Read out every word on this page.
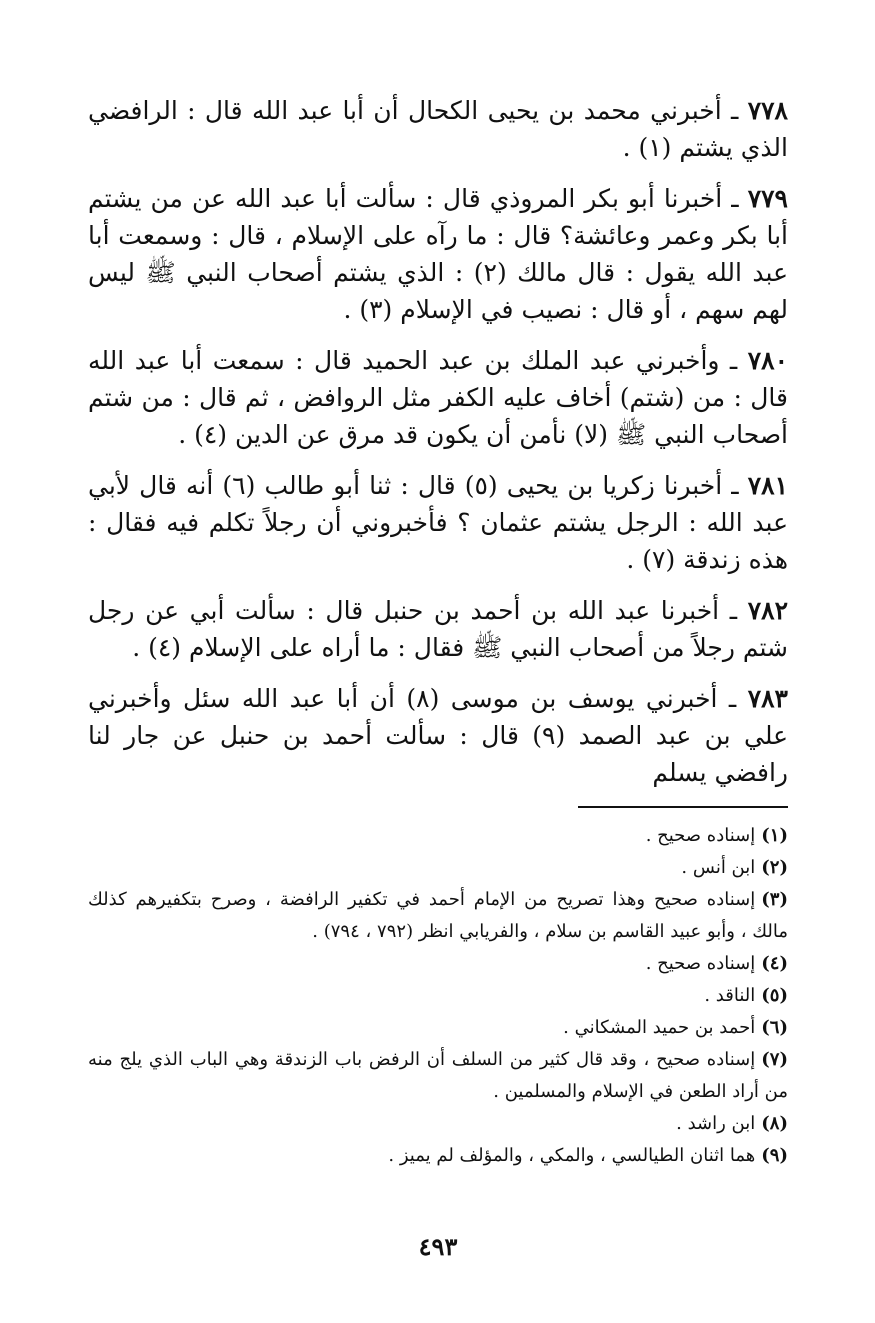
٧٧٨ ـ أخبرني محمد بن يحيى الكحال أن أبا عبد الله قال : الرافضي الذي يشتم (١) .

٧٧٩ ـ أخبرنا أبو بكر المروذي قال : سألت أبا عبد الله عن من يشتم أبا بكر وعمر وعائشة؟ قال : ما رآه على الإسلام ، قال : وسمعت أبا عبد الله يقول : قال مالك (٢) : الذي يشتم أصحاب النبي ﷺ ليس لهم سهم ، أو قال : نصيب في الإسلام (٣) .

٧٨٠ ـ وأخبرني عبد الملك بن عبد الحميد قال : سمعت أبا عبد الله قال : من (شتم) أخاف عليه الكفر مثل الروافض ، ثم قال : من شتم أصحاب النبي ﷺ (لا) نأمن أن يكون قد مرق عن الدين (٤) .

٧٨١ ـ أخبرنا زكريا بن يحيى (٥) قال : ثنا أبو طالب (٦) أنه قال لأبي عبد الله : الرجل يشتم عثمان ؟ فأخبروني أن رجلاً تكلم فيه فقال : هذه زندقة (٧) .

٧٨٢ ـ أخبرنا عبد الله بن أحمد بن حنبل قال : سألت أبي عن رجل شتم رجلاً من أصحاب النبي ﷺ فقال : ما أراه على الإسلام (٤) .

٧٨٣ ـ أخبرني يوسف بن موسى (٨) أن أبا عبد الله سئل وأخبرني علي بن عبد الصمد (٩) قال : سألت أحمد بن حنبل عن جار لنا رافضي يسلم

(١)إسناده صحيح .
(٢)ابن أنس .
(٣)إسناده صحيح وهذا تصريح من الإمام أحمد في تكفير الرافضة ، وصرح بتكفيرهم كذلك مالك ، وأبو عبيد القاسم بن سلام ، والفريابي انظر (٧٩٢ ، ٧٩٤) .
(٤)إسناده صحيح .
(٥)الناقد .
(٦)أحمد بن حميد المشكاني .
(٧)إسناده صحيح ، وقد قال كثير من السلف أن الرفض باب الزندقة وهي الباب الذي يلج منه من أراد الطعن في الإسلام والمسلمين .
(٨)ابن راشد .
(٩)هما اثنان الطيالسي ، والمكي ، والمؤلف لم يميز .
٤٩٣
